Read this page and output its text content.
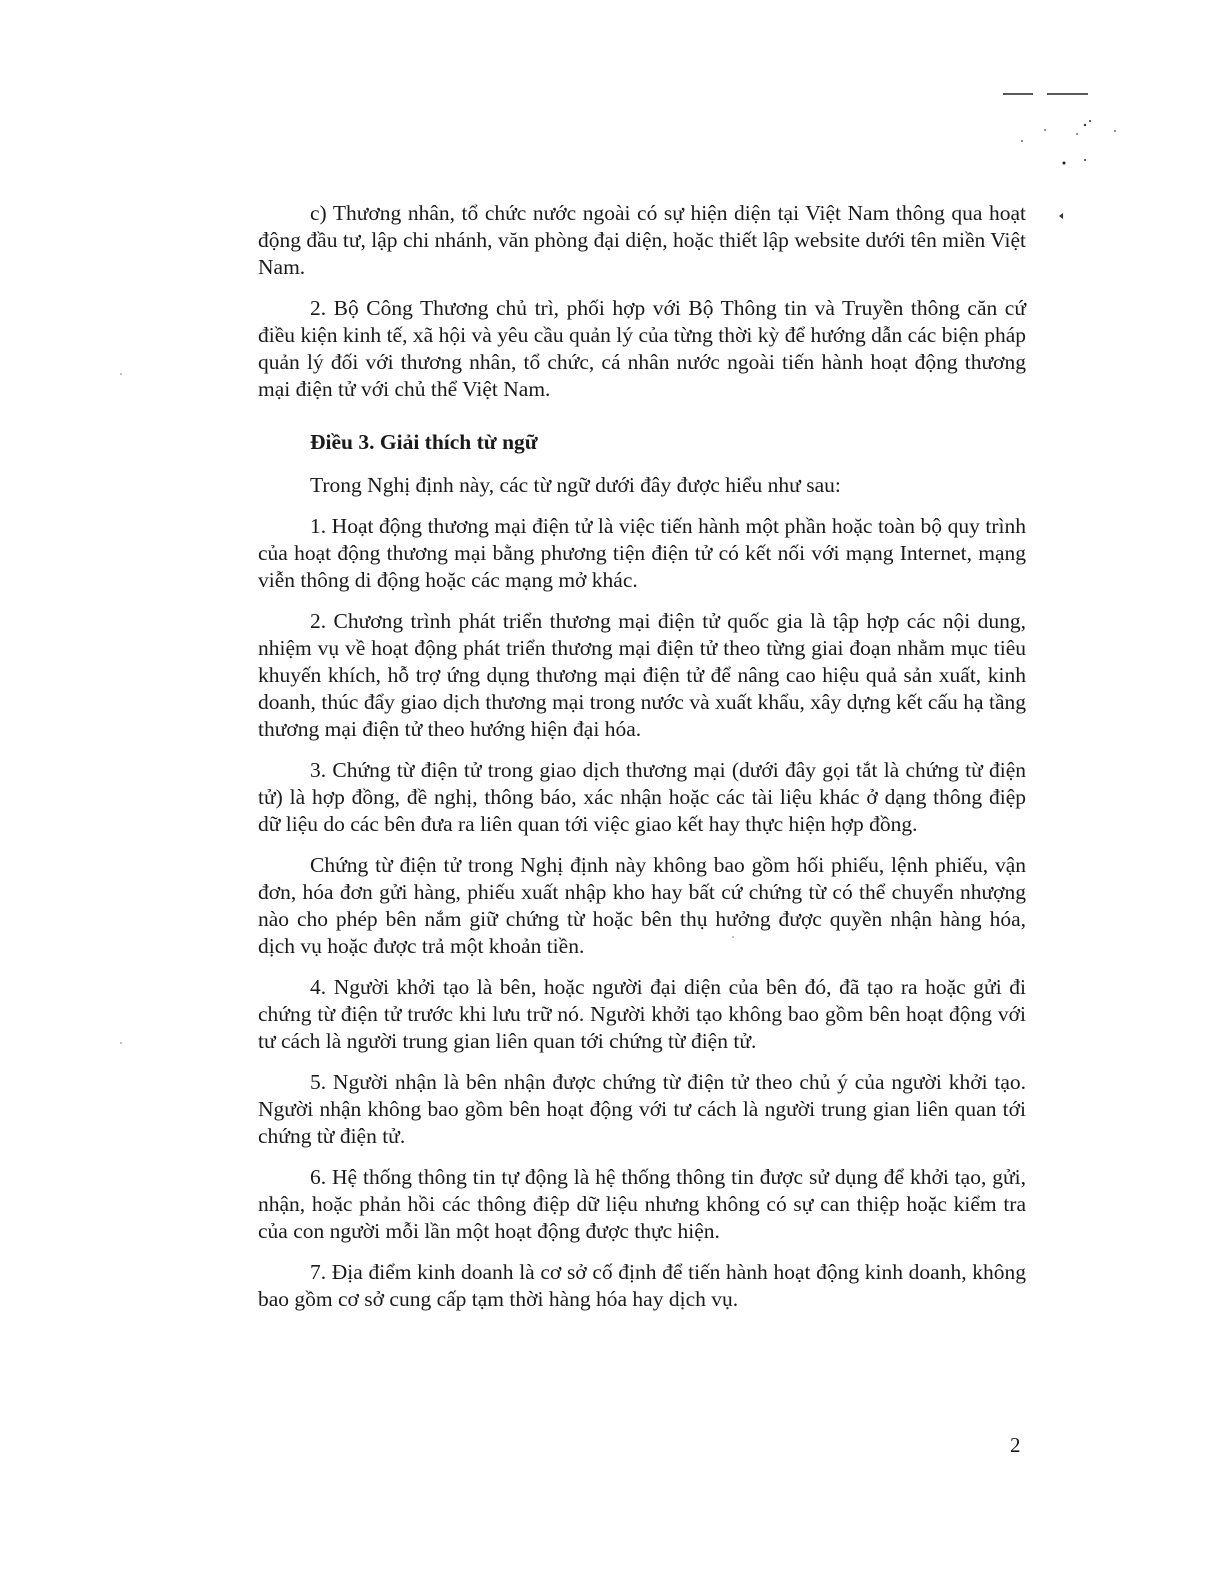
c) Thương nhân, tổ chức nước ngoài có sự hiện diện tại Việt Nam thông qua hoạt động đầu tư, lập chi nhánh, văn phòng đại diện, hoặc thiết lập website dưới tên miền Việt Nam.

2. Bộ Công Thương chủ trì, phối hợp với Bộ Thông tin và Truyền thông căn cứ điều kiện kinh tế, xã hội và yêu cầu quản lý của từng thời kỳ để hướng dẫn các biện pháp quản lý đối với thương nhân, tổ chức, cá nhân nước ngoài tiến hành hoạt động thương mại điện tử với chủ thể Việt Nam.

Điều 3. Giải thích từ ngữ

Trong Nghị định này, các từ ngữ dưới đây được hiểu như sau:

1. Hoạt động thương mại điện tử là việc tiến hành một phần hoặc toàn bộ quy trình của hoạt động thương mại bằng phương tiện điện tử có kết nối với mạng Internet, mạng viễn thông di động hoặc các mạng mở khác.

2. Chương trình phát triển thương mại điện tử quốc gia là tập hợp các nội dung, nhiệm vụ về hoạt động phát triển thương mại điện tử theo từng giai đoạn nhằm mục tiêu khuyến khích, hỗ trợ ứng dụng thương mại điện tử để nâng cao hiệu quả sản xuất, kinh doanh, thúc đẩy giao dịch thương mại trong nước và xuất khẩu, xây dựng kết cấu hạ tầng thương mại điện tử theo hướng hiện đại hóa.

3. Chứng từ điện tử trong giao dịch thương mại (dưới đây gọi tắt là chứng từ điện tử) là hợp đồng, đề nghị, thông báo, xác nhận hoặc các tài liệu khác ở dạng thông điệp dữ liệu do các bên đưa ra liên quan tới việc giao kết hay thực hiện hợp đồng.

Chứng từ điện tử trong Nghị định này không bao gồm hối phiếu, lệnh phiếu, vận đơn, hóa đơn gửi hàng, phiếu xuất nhập kho hay bất cứ chứng từ có thể chuyển nhượng nào cho phép bên nắm giữ chứng từ hoặc bên thụ hưởng được quyền nhận hàng hóa, dịch vụ hoặc được trả một khoản tiền.

4. Người khởi tạo là bên, hoặc người đại diện của bên đó, đã tạo ra hoặc gửi đi chứng từ điện tử trước khi lưu trữ nó. Người khởi tạo không bao gồm bên hoạt động với tư cách là người trung gian liên quan tới chứng từ điện tử.

5. Người nhận là bên nhận được chứng từ điện tử theo chủ ý của người khởi tạo. Người nhận không bao gồm bên hoạt động với tư cách là người trung gian liên quan tới chứng từ điện tử.

6. Hệ thống thông tin tự động là hệ thống thông tin được sử dụng để khởi tạo, gửi, nhận, hoặc phản hồi các thông điệp dữ liệu nhưng không có sự can thiệp hoặc kiểm tra của con người mỗi lần một hoạt động được thực hiện.

7. Địa điểm kinh doanh là cơ sở cố định để tiến hành hoạt động kinh doanh, không bao gồm cơ sở cung cấp tạm thời hàng hóa hay dịch vụ.

2
